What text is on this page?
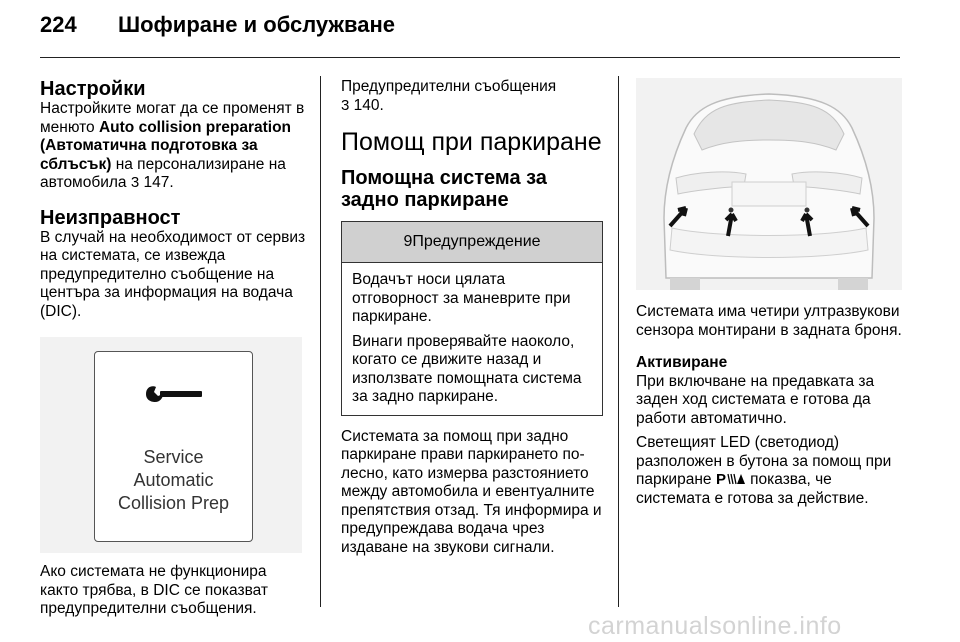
224 Шофиране и обслужване
Настройки

Настройките могат да се променят в менюто Auto collision preparation (Автоматична подготовка за сблъсък) на персонализиране на автомобила 3 147.

Неизправност

В случай на необходимост от сервиз на системата, се извежда предупредително съобщение на центъра за информация на водача (DIC).

Service
Automatic
Collision Prep

Ако системата не функционира както трябва, в DIC се показват предупредителни съобщения.

Предупредителни съобщения
3 140.

Помощ при паркиране
Помощна система за задно паркиране
9 Предупреждение

Водачът носи цялата отговорност за маневрите при паркиране.

Винаги проверявайте наоколо, когато се движите назад и използвате помощната система за задно паркиране.

Системата за помощ при задно паркиране прави паркирането по-лесно, като измерва разстоянието между автомобила и евентуалните препятствия отзад. Тя информира и предупреждава водача чрез издаване на звукови сигнали.

Системата има четири ултразвукови сензора монтирани в задната броня.

Активиране

При включване на предавката за заден ход системата е готова да работи автоматично.

Светещият LED (светодиод) разположен в бутона за помощ при паркиране P показва, че системата е готова за действие.

carmanualsonline.info
